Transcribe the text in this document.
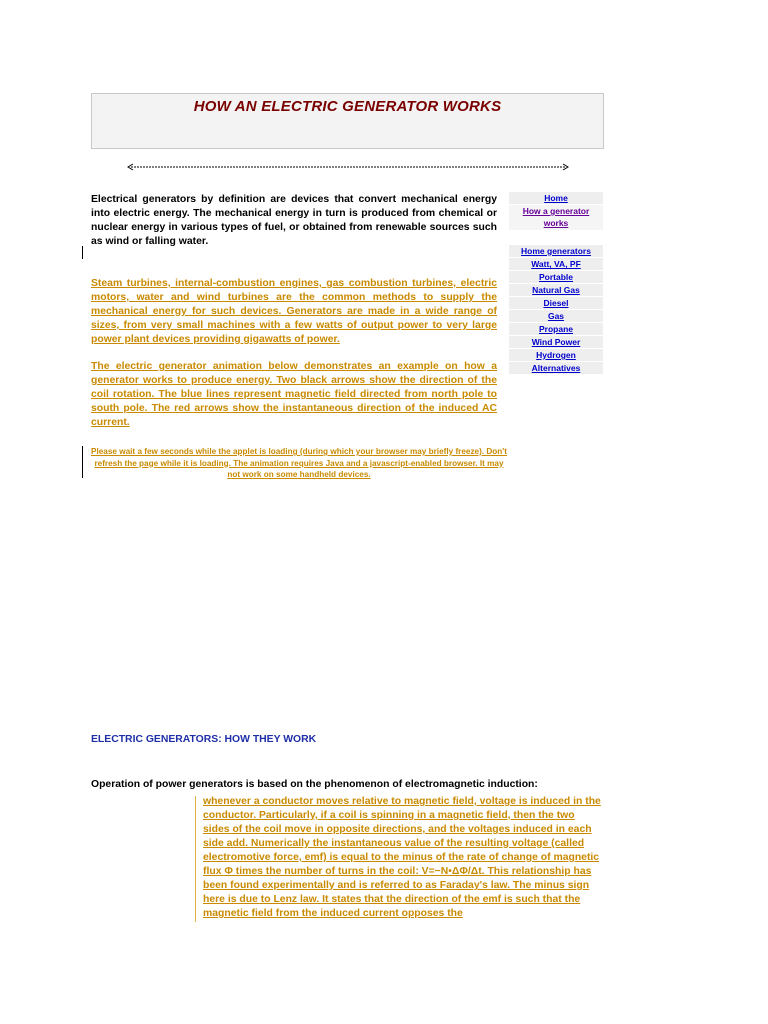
HOW AN ELECTRIC GENERATOR WORKS

Electrical generators by definition are devices that convert mechanical energy into electric energy. The mechanical energy in turn is produced from chemical or nuclear energy in various types of fuel, or obtained from renewable sources such as wind or falling water.

Steam turbines, internal-combustion engines, gas combustion turbines, electric motors, water and wind turbines are the common methods to supply the mechanical energy for such devices. Generators are made in a wide range of sizes, from very small machines with a few watts of output power to very large power plant devices providing gigawatts of power.

The electric generator animation below demonstrates an example on how a generator works to produce energy. Two black arrows show the direction of the coil rotation. The blue lines represent magnetic field directed from north pole to south pole. The red arrows show the instantaneous direction of the induced AC current.

Please wait a few seconds while the applet is loading (during which your browser may briefly freeze). Don't refresh the page while it is loading. The animation requires Java and a javascript-enabled browser. It may not work on some handheld devices.
Home
How a generator works
Home generators
Watt, VA, PF
Portable
Natural Gas
Diesel
Gas
Propane
Wind Power
Hydrogen
Alternatives
ELECTRIC GENERATORS: HOW THEY WORK
Operation of power generators is based on the phenomenon of electromagnetic induction:

whenever a conductor moves relative to magnetic field, voltage is induced in the conductor. Particularly, if a coil is spinning in a magnetic field, then the two sides of the coil move in opposite directions, and the voltages induced in each side add. Numerically the instantaneous value of the resulting voltage (called electromotive force, emf) is equal to the minus of the rate of change of magnetic flux Φ times the number of turns in the coil: V=−N•ΔΦ/Δt. This relationship has been found experimentally and is referred to as Faraday's law. The minus sign here is due to Lenz law. It states that the direction of the emf is such that the magnetic field from the induced current opposes the
